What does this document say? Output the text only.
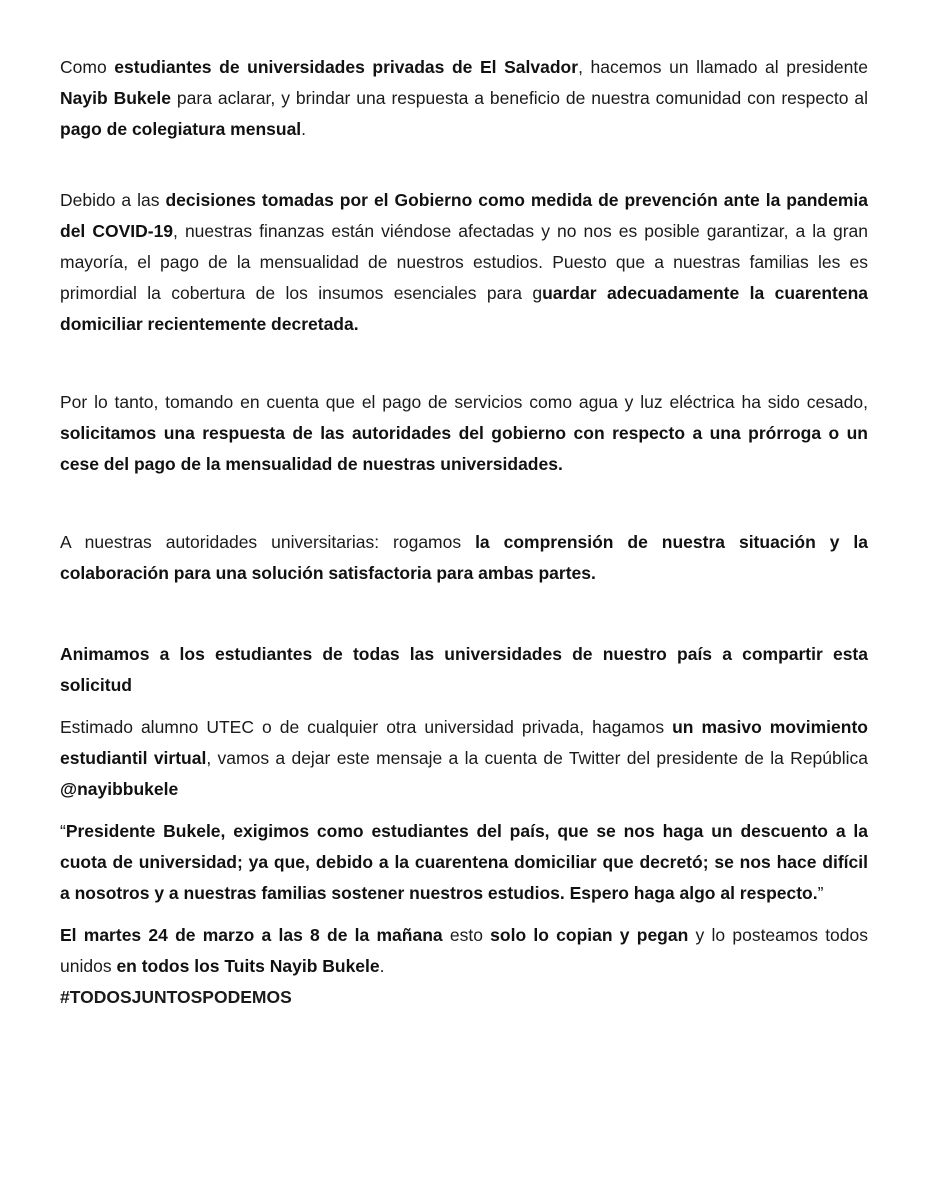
Como estudiantes de universidades privadas de El Salvador, hacemos un llamado al presidente Nayib Bukele para aclarar, y brindar una respuesta a beneficio de nuestra comunidad con respecto al pago de colegiatura mensual.

Debido a las decisiones tomadas por el Gobierno como medida de prevención ante la pandemia del COVID-19, nuestras finanzas están viéndose afectadas y no nos es posible garantizar, a la gran mayoría, el pago de la mensualidad de nuestros estudios. Puesto que a nuestras familias les es primordial la cobertura de los insumos esenciales para guardar adecuadamente la cuarentena domiciliar recientemente decretada.

Por lo tanto, tomando en cuenta que el pago de servicios como agua y luz eléctrica ha sido cesado, solicitamos una respuesta de las autoridades del gobierno con respecto a una prórroga o un cese del pago de la mensualidad de nuestras universidades.

A nuestras autoridades universitarias: rogamos la comprensión de nuestra situación y la colaboración para una solución satisfactoria para ambas partes.

Animamos a los estudiantes de todas las universidades de nuestro país a compartir esta solicitud

Estimado alumno UTEC o de cualquier otra universidad privada, hagamos un masivo movimiento estudiantil virtual, vamos a dejar este mensaje a la cuenta de Twitter del presidente de la República @nayibbukele

“Presidente Bukele, exigimos como estudiantes del país, que se nos haga un descuento a la cuota de universidad; ya que, debido a la cuarentena domiciliar que decretó; se nos hace difícil a nosotros y a nuestras familias sostener nuestros estudios. Espero haga algo al respecto.”

El martes 24 de marzo a las 8 de la mañana esto solo lo copian y pegan y lo posteamos todos unidos en todos los Tuits Nayib Bukele.

#TODOSJUNTOSPODEMOS
